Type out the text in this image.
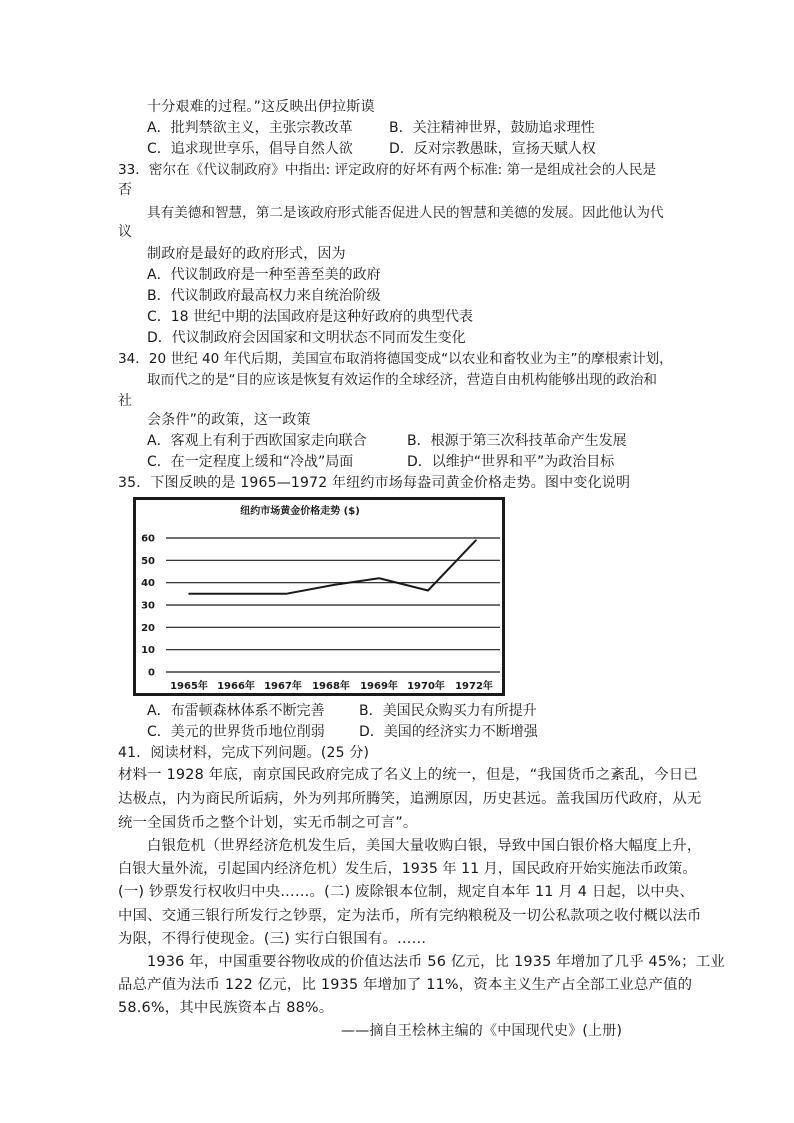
十分艰难的过程。”这反映出伊拉斯谟
A．批判禁欲主义，主张宗教改革	B．关注精神世界，鼓励追求理性
C．追求现世享乐，倡导自然人欲	D．反对宗教愚昧，宣扬天赋人权
33．密尔在《代议制政府》中指出: 评定政府的好坏有两个标准: 第一是组成社会的人民是
否
具有美德和智慧，第二是该政府形式能否促进人民的智慧和美德的发展。因此他认为代
议
制政府是最好的政府形式，因为
A．代议制政府是一种至善至美的政府
B．代议制政府最高权力来自统治阶级
C．18 世纪中期的法国政府是这种好政府的典型代表
D．代议制政府会因国家和文明状态不同而发生变化
34．20 世纪 40 年代后期，美国宣布取消将德国变成“以农业和畜牧业为主”的摩根索计划，
取而代之的是“目的应该是恢复有效运作的全球经济，营造自由机构能够出现的政治和
社
会条件”的政策，这一政策
A．客观上有利于西欧国家走向联合	B．根源于第三次科技革命产生发展
C．在一定程度上缓和“冷战”局面	D．以维护“世界和平”为政治目标
35．下图反映的是 1965—1972 年纽约市场每盎司黄金价格走势。图中变化说明
纽约市场黄金价格走势 ($)
0
10
20
30
40
50
60
1965年 1966年 1967年 1968年 1969年 1970年 1972年
A．布雷顿森林体系不断完善 B．美国民众购买力有所提升
C．美元的世界货币地位削弱 D．美国的经济实力不断增强
41．阅读材料，完成下列问题。(25 分)
材料一 1928 年底，南京国民政府完成了名义上的统一，但是，“我国货币之紊乱，今日已
达极点，内为商民所诟病，外为列邦所腾笑，追溯原因，历史甚远。盖我国历代政府，从无
统一全国货币之整个计划，实无币制之可言”。
白银危机（世界经济危机发生后，美国大量收购白银，导致中国白银价格大幅度上升，
白银大量外流，引起国内经济危机）发生后，1935 年 11 月，国民政府开始实施法币政策。
(一) 钞票发行权收归中央……。(二) 废除银本位制，规定自本年 11 月 4 日起，以中央、
中国、交通三银行所发行之钞票，定为法币，所有完纳粮税及一切公私款项之收付概以法币
为限，不得行使现金。(三) 实行白银国有。……
1936 年，中国重要谷物收成的价值达法币 56 亿元，比 1935 年增加了几乎 45%；工业
品总产值为法币 122 亿元，比 1935 年增加了 11%，资本主义生产占全部工业总产值的
58.6%，其中民族资本占 88%。
——摘自王桧林主编的《中国现代史》(上册)
